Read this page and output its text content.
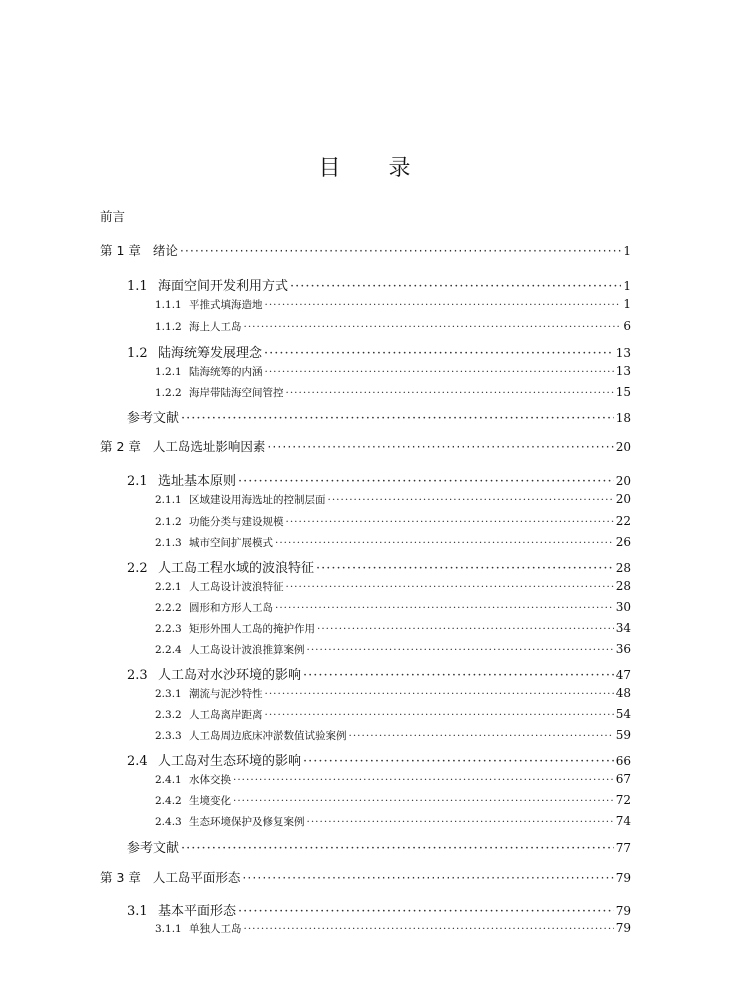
目 录
前言
第 1 章 绪论 ·····	1
1.1 海面空间开发利用方式 ·····	1
1.1.1 平推式填海造地 ·····	1
1.1.2 海上人工岛 ·····	6
1.2 陆海统筹发展理念 ·····	13
1.2.1 陆海统筹的内涵 ·····	13
1.2.2 海岸带陆海空间管控 ·····	15
参考文献 ·····	18
第 2 章 人工岛选址影响因素 ·····	20
2.1 选址基本原则 ·····	20
2.1.1 区域建设用海选址的控制层面 ·····	20
2.1.2 功能分类与建设规模 ·····	22
2.1.3 城市空间扩展模式 ·····	26
2.2 人工岛工程水域的波浪特征 ·····	28
2.2.1 人工岛设计波浪特征 ·····	28
2.2.2 圆形和方形人工岛 ·····	30
2.2.3 矩形外围人工岛的掩护作用 ·····	34
2.2.4 人工岛设计波浪推算案例 ·····	36
2.3 人工岛对水沙环境的影响 ·····	47
2.3.1 潮流与泥沙特性 ·····	48
2.3.2 人工岛离岸距离 ·····	54
2.3.3 人工岛周边底床冲淤数值试验案例 ·····	59
2.4 人工岛对生态环境的影响 ·····	66
2.4.1 水体交换 ·····	67
2.4.2 生境变化 ·····	72
2.4.3 生态环境保护及修复案例 ·····	74
参考文献 ·····	77
第 3 章 人工岛平面形态 ·····	79
3.1 基本平面形态 ·····	79
3.1.1 单独人工岛 ·····	79
